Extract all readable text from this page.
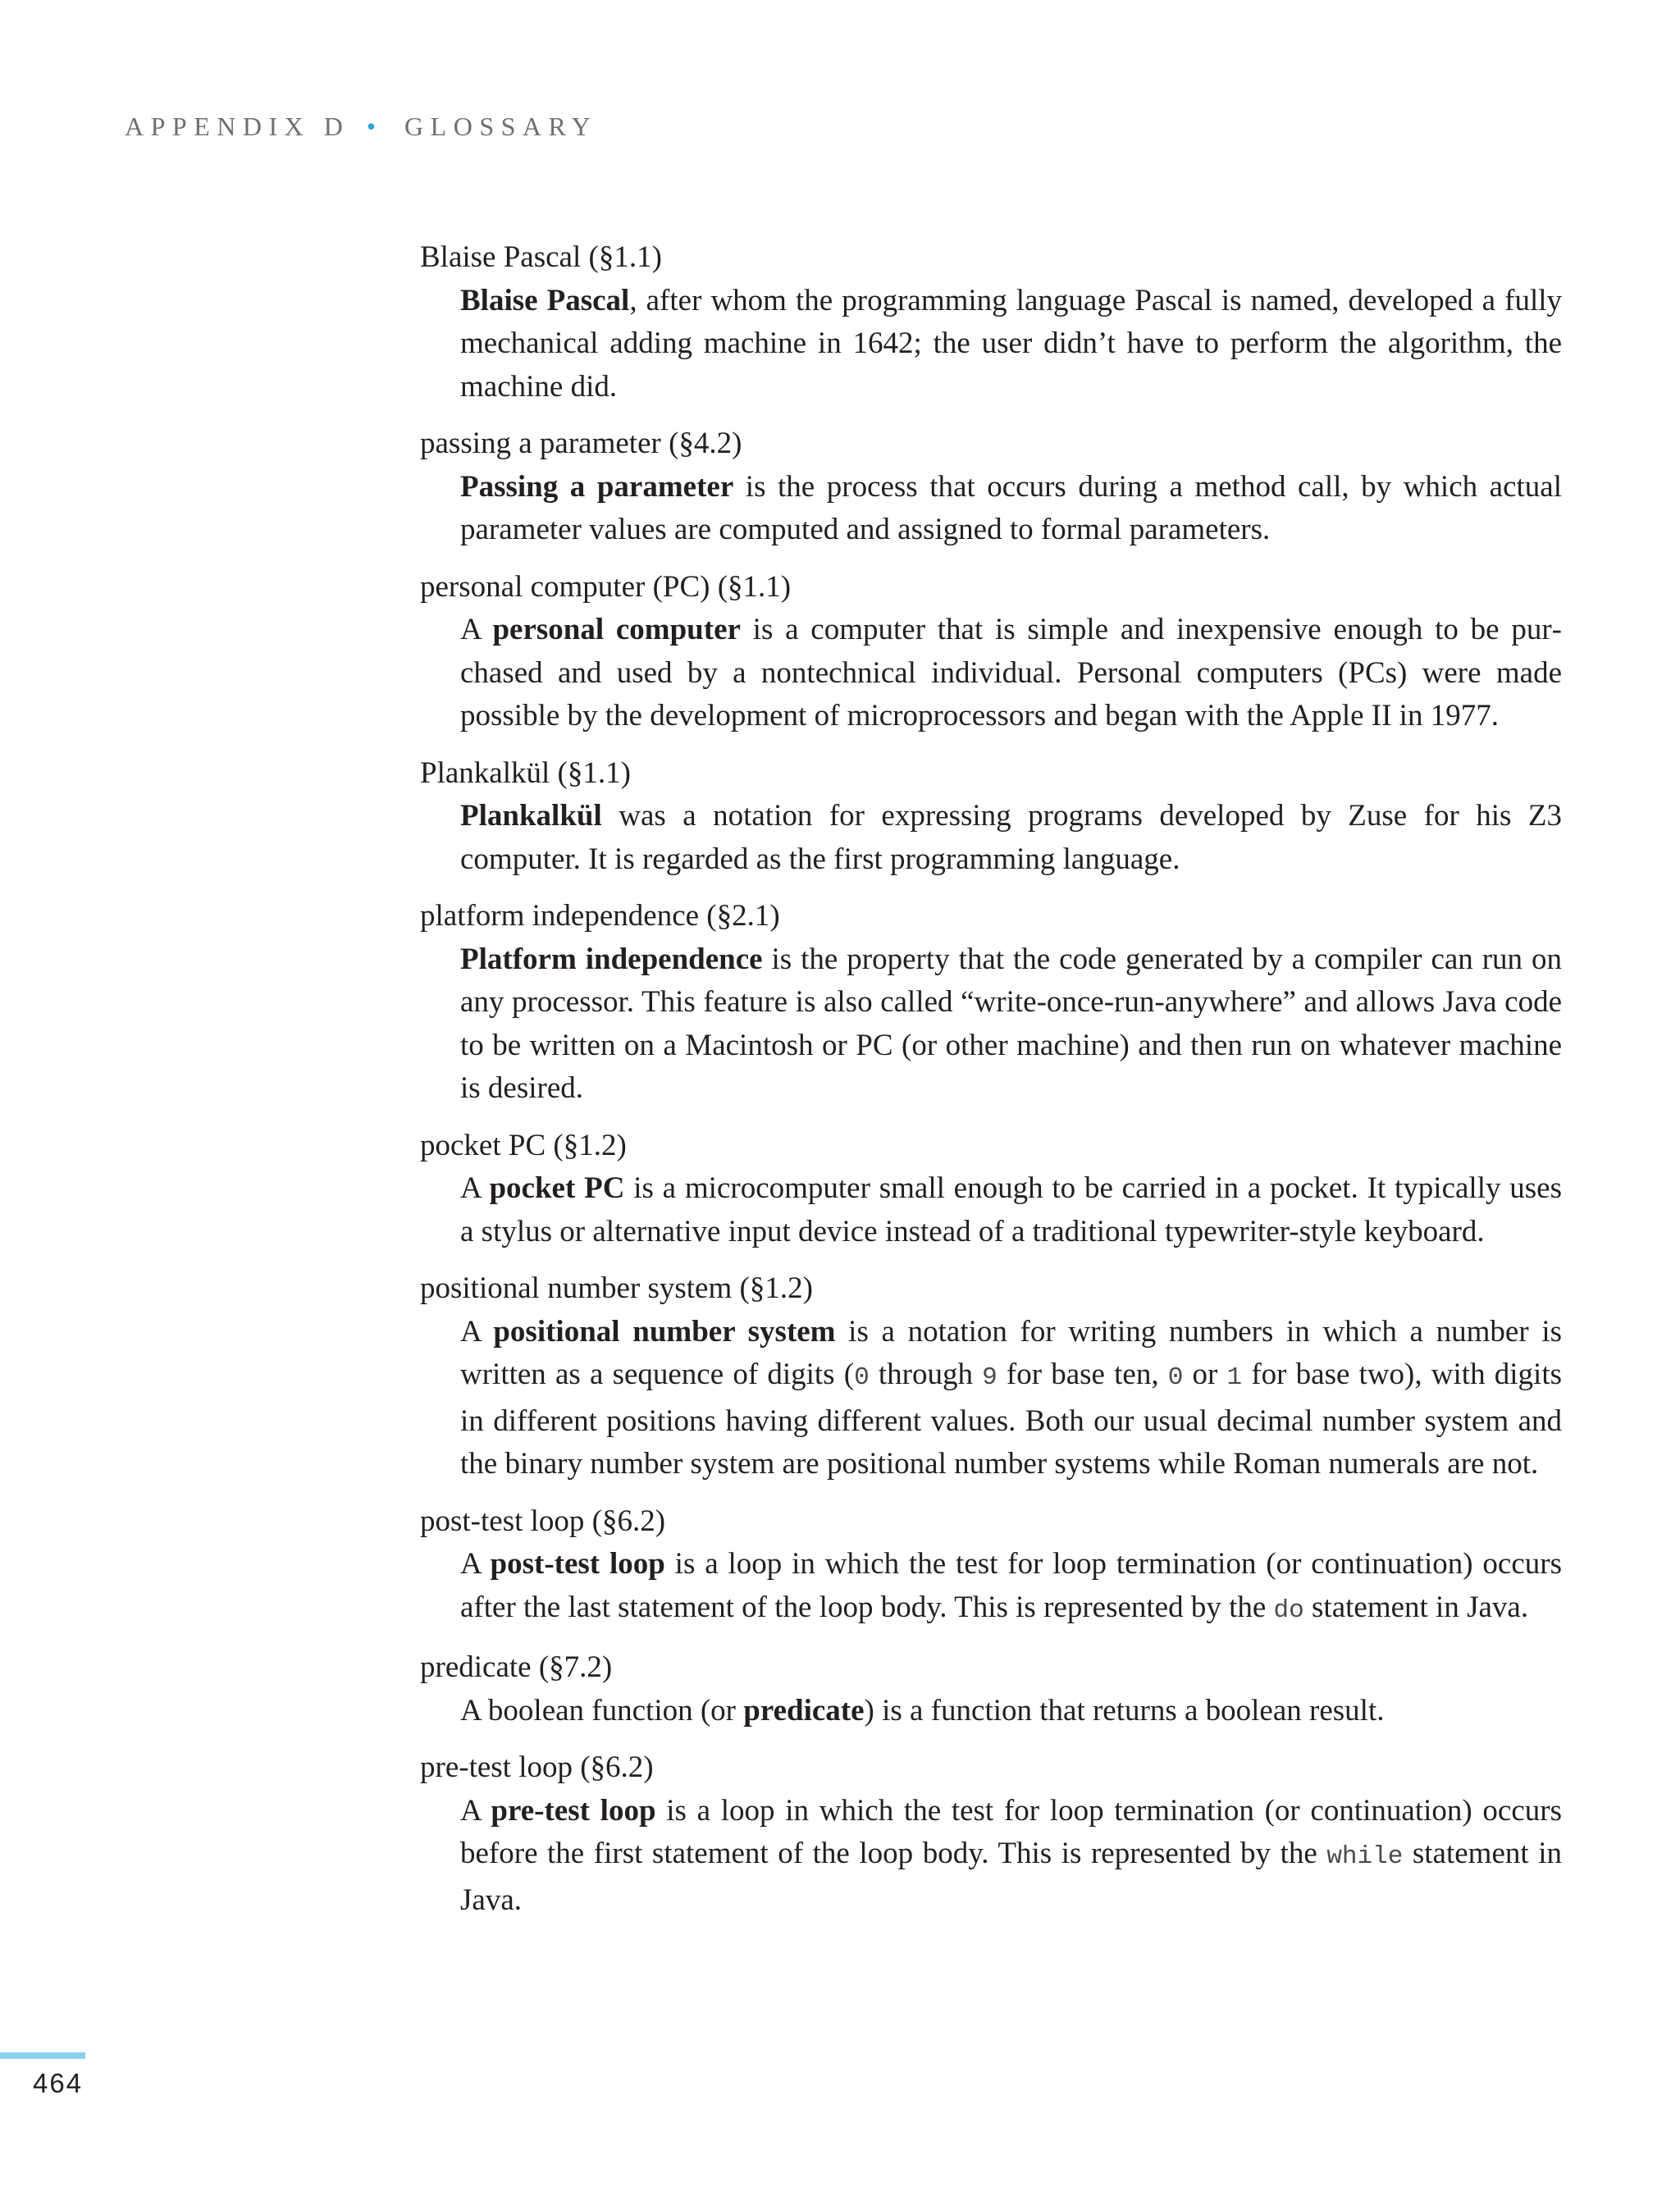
APPENDIX D • GLOSSARY
Blaise Pascal (§1.1)
Blaise Pascal, after whom the programming language Pascal is named, developed a fully mechanical adding machine in 1642; the user didn’t have to perform the algorithm, the machine did.
passing a parameter (§4.2)
Passing a parameter is the process that occurs during a method call, by which actual parameter values are computed and assigned to formal parameters.
personal computer (PC) (§1.1)
A personal computer is a computer that is simple and inexpensive enough to be purchased and used by a nontechnical individual. Personal computers (PCs) were made possible by the development of microprocessors and began with the Apple II in 1977.
Plankalkül (§1.1)
Plankalkül was a notation for expressing programs developed by Zuse for his Z3 computer. It is regarded as the first programming language.
platform independence (§2.1)
Platform independence is the property that the code generated by a compiler can run on any processor. This feature is also called “write-once-run-anywhere” and allows Java code to be written on a Macintosh or PC (or other machine) and then run on whatever machine is desired.
pocket PC (§1.2)
A pocket PC is a microcomputer small enough to be carried in a pocket. It typically uses a stylus or alternative input device instead of a traditional typewriter-style keyboard.
positional number system (§1.2)
A positional number system is a notation for writing numbers in which a number is written as a sequence of digits (0 through 9 for base ten, 0 or 1 for base two), with digits in different positions having different values. Both our usual decimal number system and the binary number system are positional number systems while Roman numerals are not.
post-test loop (§6.2)
A post-test loop is a loop in which the test for loop termination (or continuation) occurs after the last statement of the loop body. This is represented by the do statement in Java.
predicate (§7.2)
A boolean function (or predicate) is a function that returns a boolean result.
pre-test loop (§6.2)
A pre-test loop is a loop in which the test for loop termination (or continuation) occurs before the first statement of the loop body. This is represented by the while statement in Java.
464
